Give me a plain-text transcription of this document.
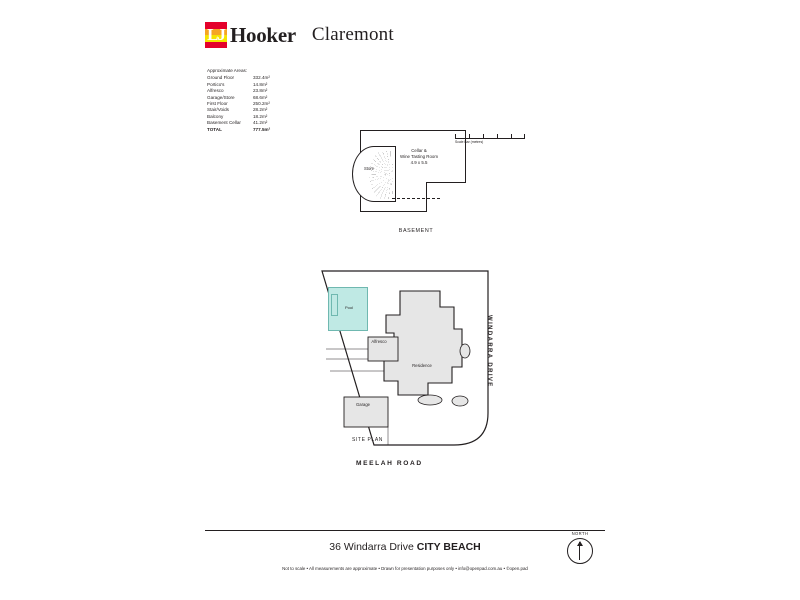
LJ Hooker Claremont
Approximate Areas:
Ground Floor	332.4m²
Portico's	14.8m²
Alfresco	23.8m²
Garage/Store	68.6m²
First Floor	250.2m²
Stair/Voids	28.2m²
Balcony	18.2m²
Basement Cellar	41.2m²
TOTAL	777.5m²
Store
Cellar &
Wine Tasting Room
4.9 x 5.5
BASEMENT
Scale Bar (metres)
Pool
Alfresco
Residence
Garage
SITE PLAN
MEELAH ROAD
WINDARRA DRIVE
36 Windarra Drive CITY BEACH
Not to scale • All measurements are approximate • Drawn for presentation purposes only • info@openpad.com.au • ©open.pad
NORTH
